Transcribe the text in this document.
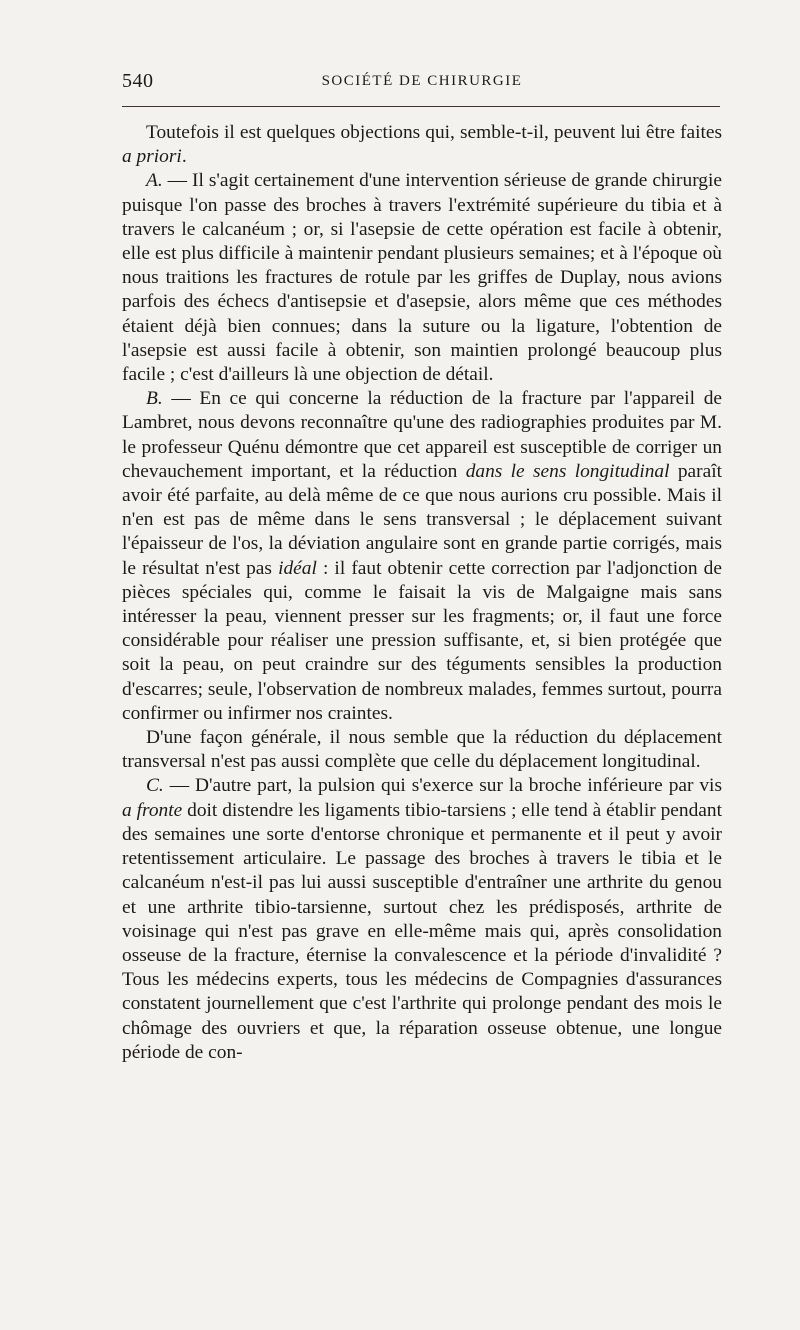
540	SOCIÉTÉ DE CHIRURGIE

Toutefois il est quelques objections qui, semble-t-il, peuvent lui être faites a priori.

A. — Il s'agit certainement d'une intervention sérieuse de grande chirurgie puisque l'on passe des broches à travers l'extrémité supérieure du tibia et à travers le calcanéum ; or, si l'asepsie de cette opération est facile à obtenir, elle est plus difficile à maintenir pendant plusieurs semaines; et à l'époque où nous traitions les fractures de rotule par les griffes de Duplay, nous avions parfois des échecs d'antisepsie et d'asepsie, alors même que ces méthodes étaient déjà bien connues; dans la suture ou la ligature, l'obtention de l'asepsie est aussi facile à obtenir, son maintien prolongé beaucoup plus facile ; c'est d'ailleurs là une objection de détail.

B. — En ce qui concerne la réduction de la fracture par l'appareil de Lambret, nous devons reconnaître qu'une des radiographies produites par M. le professeur Quénu démontre que cet appareil est susceptible de corriger un chevauchement important, et la réduction dans le sens longitudinal paraît avoir été parfaite, au delà même de ce que nous aurions cru possible. Mais il n'en est pas de même dans le sens transversal ; le déplacement suivant l'épaisseur de l'os, la déviation angulaire sont en grande partie corrigés, mais le résultat n'est pas idéal : il faut obtenir cette correction par l'adjonction de pièces spéciales qui, comme le faisait la vis de Malgaigne mais sans intéresser la peau, viennent presser sur les fragments; or, il faut une force considérable pour réaliser une pression suffisante, et, si bien protégée que soit la peau, on peut craindre sur des téguments sensibles la production d'escarres; seule, l'observation de nombreux malades, femmes surtout, pourra confirmer ou infirmer nos craintes.

D'une façon générale, il nous semble que la réduction du déplacement transversal n'est pas aussi complète que celle du déplacement longitudinal.

C. — D'autre part, la pulsion qui s'exerce sur la broche inférieure par vis a fronte doit distendre les ligaments tibio-tarsiens ; elle tend à établir pendant des semaines une sorte d'entorse chronique et permanente et il peut y avoir retentissement articulaire. Le passage des broches à travers le tibia et le calcanéum n'est-il pas lui aussi susceptible d'entraîner une arthrite du genou et une arthrite tibio-tarsienne, surtout chez les prédisposés, arthrite de voisinage qui n'est pas grave en elle-même mais qui, après consolidation osseuse de la fracture, éternise la convalescence et la période d'invalidité ? Tous les médecins experts, tous les médecins de Compagnies d'assurances constatent journellement que c'est l'arthrite qui prolonge pendant des mois le chômage des ouvriers et que, la réparation osseuse obtenue, une longue période de con-
